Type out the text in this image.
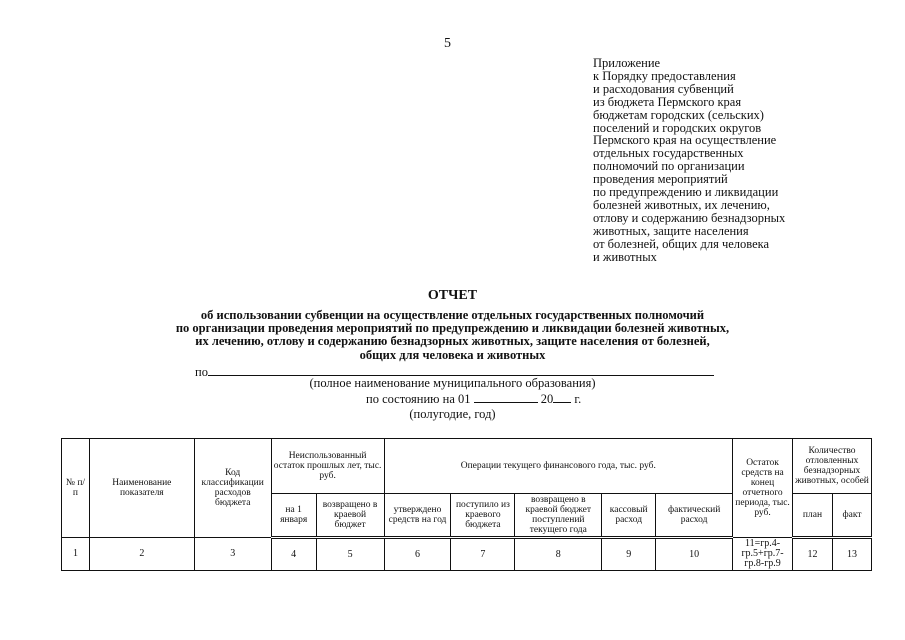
5
Приложение
к Порядку предоставления
и расходования субвенций
из бюджета Пермского края
бюджетам городских (сельских)
поселений и городских округов
Пермского края на осуществление
отдельных государственных
полномочий по организации
проведения мероприятий
по предупреждению и ликвидации
болезней животных, их лечению,
отлову и содержанию безнадзорных
животных, защите населения
от болезней, общих для человека
и животных
ОТЧЕТ
об использовании субвенции на осуществление отдельных государственных полномочий
по организации проведения мероприятий по предупреждению и ликвидации болезней животных,
их лечению, отлову и содержанию безнадзорных животных, защите населения от болезней,
общих для человека и животных
по
(полное наименование муниципального образования)
по состоянию на 01	20 г.
(полугодие, год)
№ п/п	Наименование показателя	Код классификации расходов бюджета	Неиспользованный остаток прошлых лет, тыс. руб.		Операции текущего финансового года, тыс. руб.					Остаток средств на конец отчетного периода, тыс. руб.	Количество отловленных безнадзорных животных, особей	
			на 1 января	возвращено в краевой бюджет	утверждено средств на год	поступило из краевого бюджета	возвращено в краевой бюджет поступлений текущего года	кассовый расход	фактический расход		план	факт
1	2	3	4	5	6	7	8	9	10	11=гр.4-гр.5+гр.7-гр.8-гр.9	12	13
